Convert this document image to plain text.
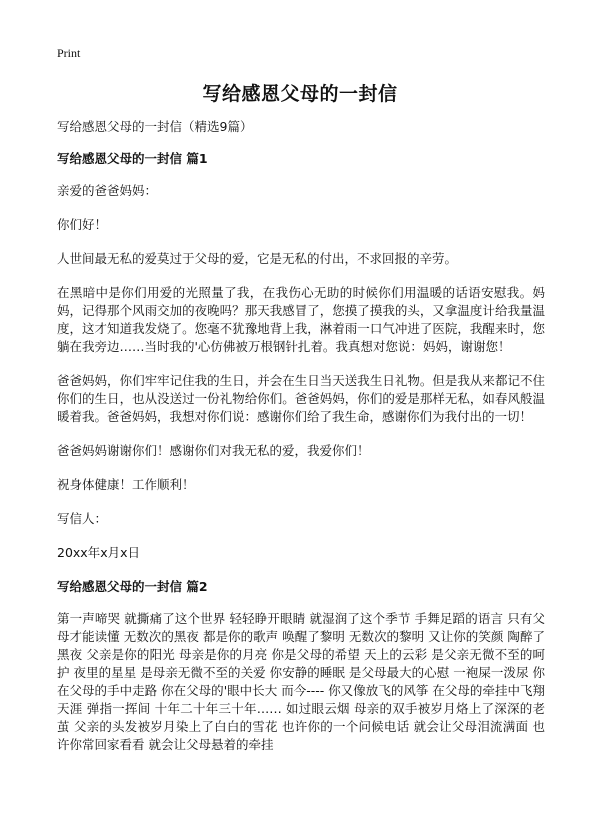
Print
写给感恩父母的一封信

写给感恩父母的一封信（精选9篇）

写给感恩父母的一封信 篇1

亲爱的爸爸妈妈：

你们好！

人世间最无私的爱莫过于父母的爱，它是无私的付出，不求回报的辛劳。

在黑暗中是你们用爱的光照量了我，在我伤心无助的时候你们用温暖的话语安慰我。妈妈，记得那个风雨交加的夜晚吗？那天我感冒了，您摸了摸我的头，又拿温度计给我量温度，这才知道我发烧了。您毫不犹豫地背上我，淋着雨一口气冲进了医院，我醒来时，您躺在我旁边……当时我的'心仿佛被万根钢针扎着。我真想对您说：妈妈，谢谢您！

爸爸妈妈，你们牢牢记住我的生日，并会在生日当天送我生日礼物。但是我从来都记不住你们的生日，也从没送过一份礼物给你们。爸爸妈妈，你们的爱是那样无私，如春风般温暖着我。爸爸妈妈，我想对你们说：感谢你们给了我生命，感谢你们为我付出的一切！

爸爸妈妈谢谢你们！感谢你们对我无私的爱，我爱你们！

祝身体健康！工作顺利！

写信人：

20xx年x月x日

写给感恩父母的一封信 篇2

第一声啼哭 就撕痛了这个世界 轻轻睁开眼睛 就湿润了这个季节 手舞足蹈的语言 只有父母才能读懂 无数次的黑夜 都是你的歌声 唤醒了黎明 无数次的黎明 又让你的笑颜 陶醉了黑夜 父亲是你的阳光 母亲是你的月亮 你是父母的希望 天上的云彩 是父亲无微不至的呵护 夜里的星星 是母亲无微不至的关爱 你安静的睡眠 是父母最大的心慰 一袍屎一泼尿 你在父母的手中走路 你在父母的'眼中长大 而今---- 你又像放飞的风筝 在父母的牵挂中飞翔天涯 弹指一挥间 十年二十年三十年…… 如过眼云烟 母亲的双手被岁月烙上了深深的老茧 父亲的头发被岁月染上了白白的雪花 也许你的一个问候电话 就会让父母泪流满面 也许你常回家看看 就会让父母悬着的牵挂
